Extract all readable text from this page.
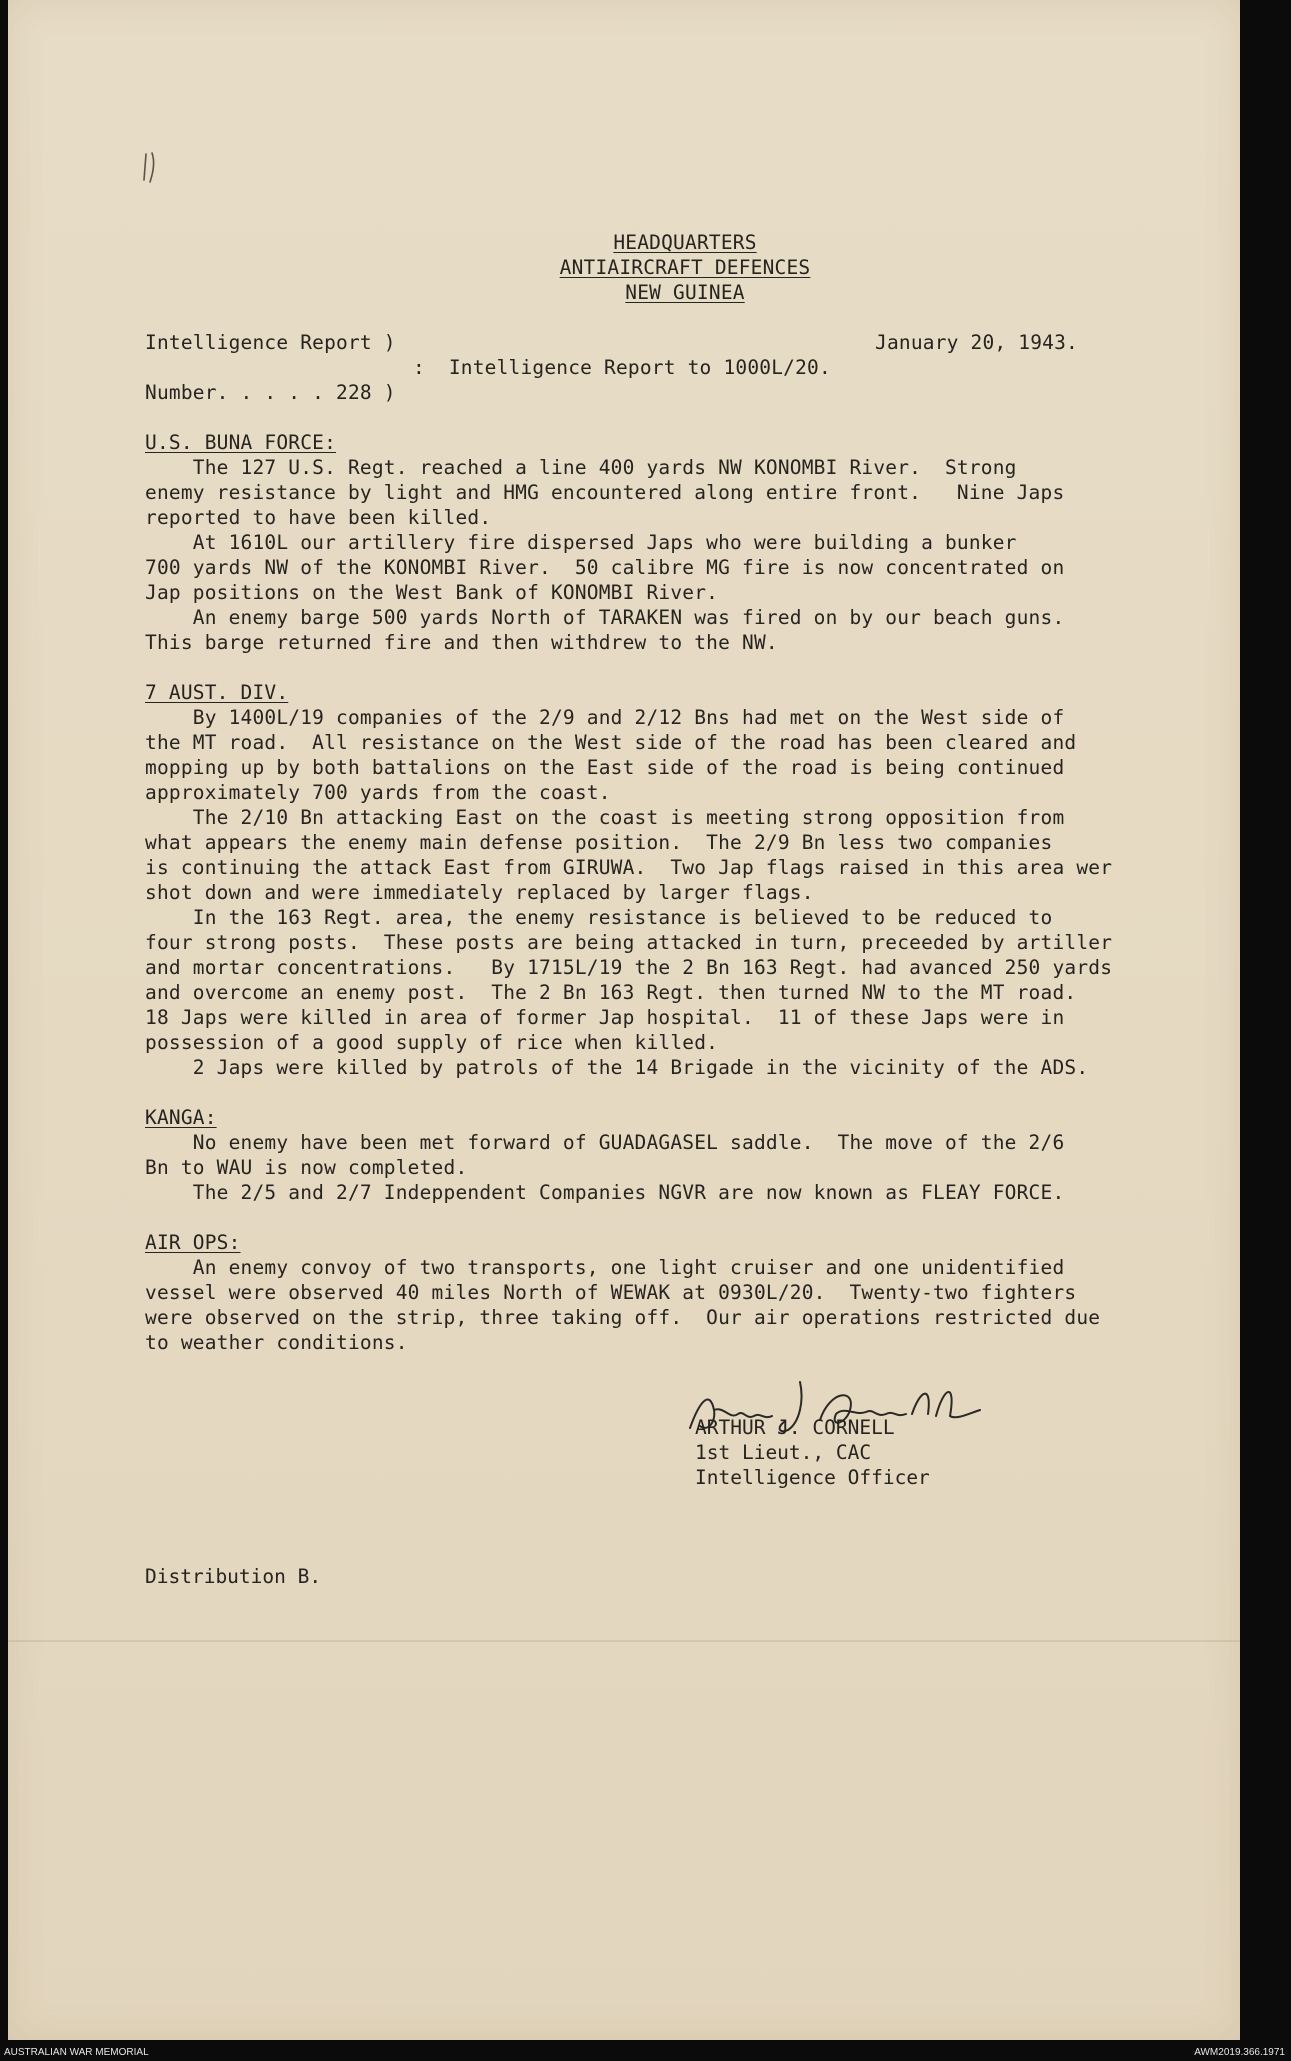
HEADQUARTERS
ANTIAIRCRAFT DEFENCES
NEW GUINEA
Intelligence Report )	January 20, 1943.
:  Intelligence Report to 1000L/20.
Number. . . . . 228 )
U.S. BUNA FORCE:
The 127 U.S. Regt. reached a line 400 yards NW KONOMBI River.  Strong
enemy resistance by light and HMG encountered along entire front.   Nine Japs
reported to have been killed.
At 1610L our artillery fire dispersed Japs who were building a bunker
700 yards NW of the KONOMBI River.  50 calibre MG fire is now concentrated on
Jap positions on the West Bank of KONOMBI River.
An enemy barge 500 yards North of TARAKEN was fired on by our beach guns.
This barge returned fire and then withdrew to the NW.
7 AUST. DIV.
By 1400L/19 companies of the 2/9 and 2/12 Bns had met on the West side of
the MT road.  All resistance on the West side of the road has been cleared and
mopping up by both battalions on the East side of the road is being continued
approximately 700 yards from the coast.
The 2/10 Bn attacking East on the coast is meeting strong opposition from
what appears the enemy main defense position.  The 2/9 Bn less two companies
is continuing the attack East from GIRUWA.  Two Jap flags raised in this area wer
shot down and were immediately replaced by larger flags.
In the 163 Regt. area, the enemy resistance is believed to be reduced to
four strong posts.  These posts are being attacked in turn, preceeded by artiller
and mortar concentrations.   By 1715L/19 the 2 Bn 163 Regt. had avanced 250 yards
and overcome an enemy post.  The 2 Bn 163 Regt. then turned NW to the MT road.
18 Japs were killed in area of former Jap hospital.  11 of these Japs were in
possession of a good supply of rice when killed.
2 Japs were killed by patrols of the 14 Brigade in the vicinity of the ADS.
KANGA:
No enemy have been met forward of GUADAGASEL saddle.  The move of the 2/6
Bn to WAU is now completed.
The 2/5 and 2/7 Indeppendent Companies NGVR are now known as FLEAY FORCE.
AIR OPS:
An enemy convoy of two transports, one light cruiser and one unidentified
vessel were observed 40 miles North of WEWAK at 0930L/20.  Twenty-two fighters
were observed on the strip, three taking off.  Our air operations restricted due
to weather conditions.
ARTHUR J. CORNELL
1st Lieut., CAC
Intelligence Officer
Distribution B.
AUSTRALIAN WAR MEMORIAL	AWM2019.366.1971
